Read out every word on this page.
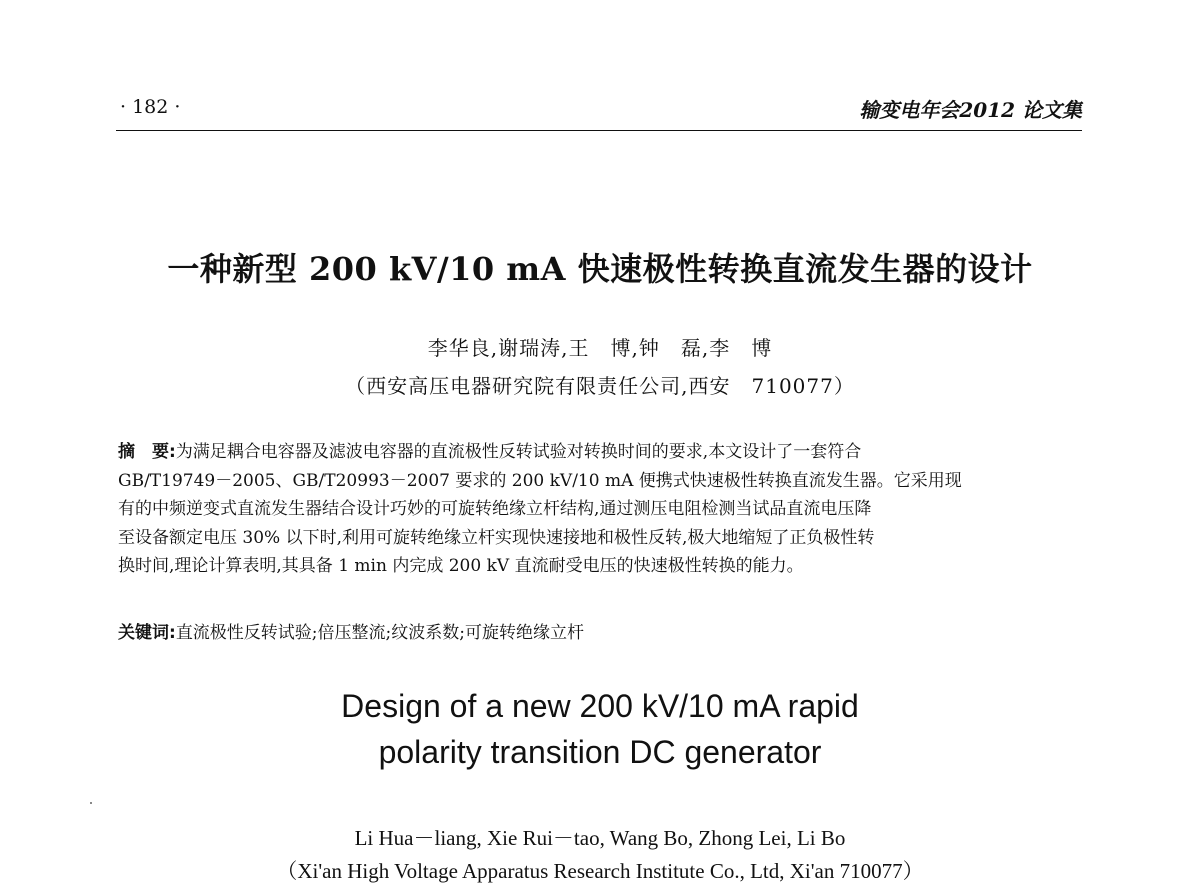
· 182 ·	输变电年会2012 论文集
一种新型 200 kV/10 mA 快速极性转换直流发生器的设计
李华良,谢瑞涛,王　博,钟　磊,李　博
（西安高压电器研究院有限责任公司,西安　710077）
摘　要:为满足耦合电容器及滤波电容器的直流极性反转试验对转换时间的要求,本文设计了一套符合
GB/T19749－2005、GB/T20993－2007 要求的 200 kV/10 mA 便携式快速极性转换直流发生器。它采用现
有的中频逆变式直流发生器结合设计巧妙的可旋转绝缘立杆结构,通过测压电阻检测当试品直流电压降
至设备额定电压 30% 以下时,利用可旋转绝缘立杆实现快速接地和极性反转,极大地缩短了正负极性转
换时间,理论计算表明,其具备 1 min 内完成 200 kV 直流耐受电压的快速极性转换的能力。
关键词:直流极性反转试验;倍压整流;纹波系数;可旋转绝缘立杆
Design of a new 200 kV/10 mA rapid
polarity transition DC generator
Li Hua－liang, Xie Rui－tao, Wang Bo, Zhong Lei, Li Bo
（Xi'an High Voltage Apparatus Research Institute Co., Ltd, Xi'an 710077）
